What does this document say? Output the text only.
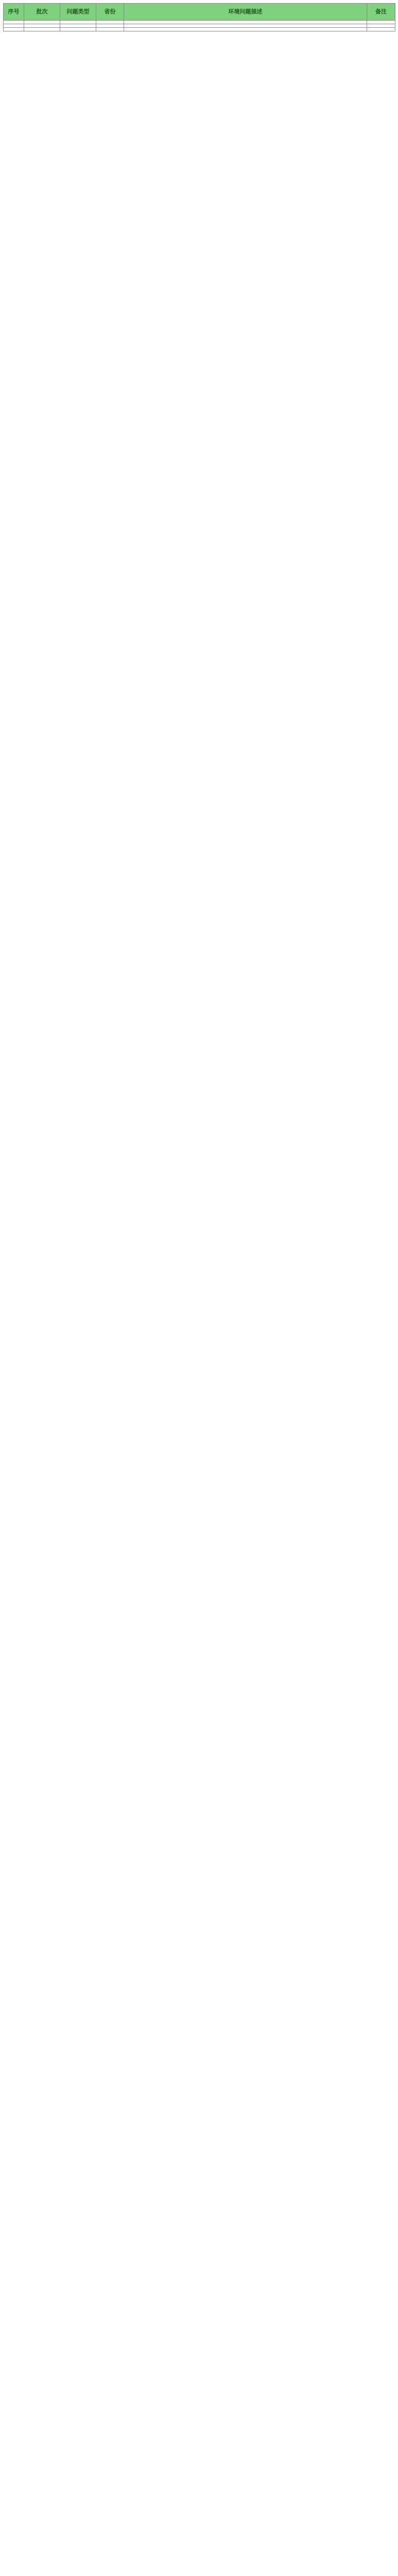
序号	批次	问题类型	省份	环境问题描述	备注
